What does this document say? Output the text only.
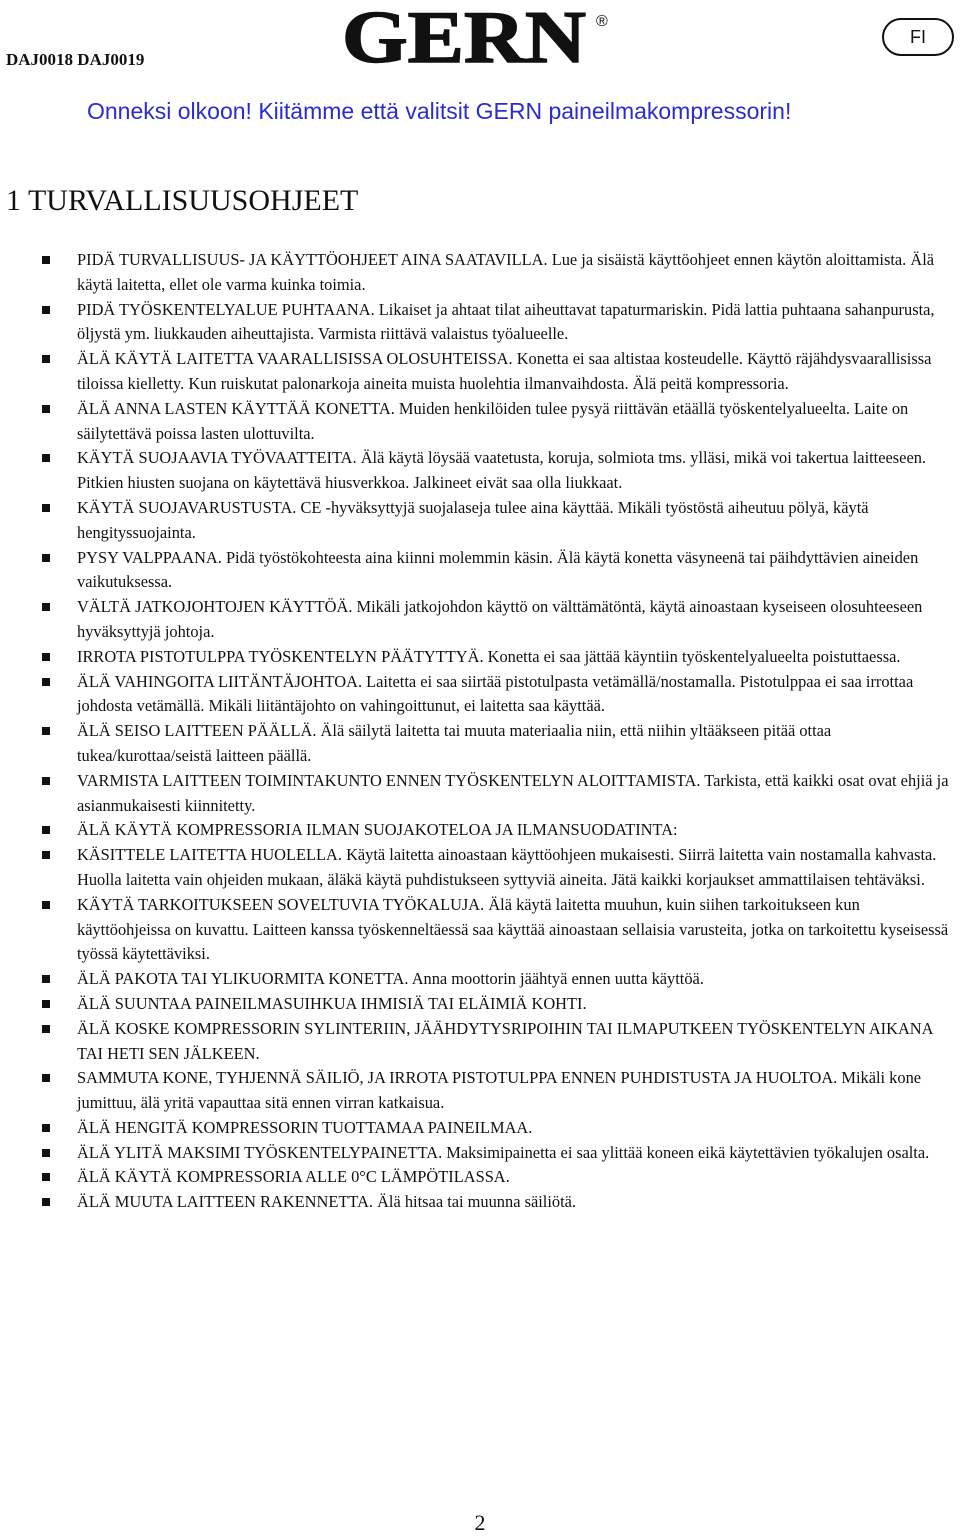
DAJ0018 DAJ0019	GERN ®
FI
Onneksi olkoon! Kiitämme että valitsit GERN paineilmakompressorin!
1 TURVALLISUUSOHJEET
PIDÄ TURVALLISUUS- JA KÄYTTÖOHJEET AINA SAATAVILLA. Lue ja sisäistä käyttöohjeet ennen käytön aloittamista. Älä käytä laitetta, ellet ole varma kuinka toimia.
PIDÄ TYÖSKENTELYALUE PUHTAANA. Likaiset ja ahtaat tilat aiheuttavat tapaturmariskin. Pidä lattia puhtaana sahanpurusta, öljystä ym. liukkauden aiheuttajista. Varmista riittävä valaistus työalueelle.
ÄLÄ KÄYTÄ LAITETTA VAARALLISISSA OLOSUHTEISSA. Konetta ei saa altistaa kosteudelle. Käyttö räjähdysvaarallisissa tiloissa kielletty. Kun ruiskutat palonarkoja aineita muista huolehtia ilmanvaihdosta. Älä peitä kompressoria.
ÄLÄ ANNA LASTEN KÄYTTÄÄ KONETTA. Muiden henkilöiden tulee pysyä riittävän etäällä työskentelyalueelta. Laite on säilytettävä poissa lasten ulottuvilta.
KÄYTÄ SUOJAAVIA TYÖVAATTEITA. Älä käytä löysää vaatetusta, koruja, solmiota tms. ylläsi, mikä voi takertua laitteeseen. Pitkien hiusten suojana on käytettävä hiusverkkoa. Jalkineet eivät saa olla liukkaat.
KÄYTÄ SUOJAVARUSTUSTA. CE -hyväksyttyjä suojalaseja tulee aina käyttää. Mikäli työstöstä aiheutuu pölyä, käytä hengityssuojainta.
PYSY VALPPAANA. Pidä työstökohteesta aina kiinni molemmin käsin. Älä käytä konetta väsyneenä tai päihdyttävien aineiden vaikutuksessa.
VÄLTÄ JATKOJOHTOJEN KÄYTTÖÄ. Mikäli jatkojohdon käyttö on välttämätöntä, käytä ainoastaan kyseiseen olosuhteeseen hyväksyttyjä johtoja.
IRROTA PISTOTULPPA TYÖSKENTELYN PÄÄTYTTYÄ. Konetta ei saa jättää käyntiin työskentelyalueelta poistuttaessa.
ÄLÄ VAHINGOITA LIITÄNTÄJOHTOA. Laitetta ei saa siirtää pistotulpasta vetämällä/nostamalla. Pistotulppaa ei saa irrottaa johdosta vetämällä. Mikäli liitäntäjohto on vahingoittunut, ei laitetta saa käyttää.
ÄLÄ SEISO LAITTEEN PÄÄLLÄ. Älä säilytä laitetta tai muuta materiaalia niin, että niihin yltääkseen pitää ottaa tukea/kurottaa/seistä laitteen päällä.
VARMISTA LAITTEEN TOIMINTAKUNTO ENNEN TYÖSKENTELYN ALOITTAMISTA. Tarkista, että kaikki osat ovat ehjiä ja asianmukaisesti kiinnitetty.
ÄLÄ KÄYTÄ KOMPRESSORIA ILMAN SUOJAKOTELOA JA ILMANSUODATINTA:
KÄSITTELE LAITETTA HUOLELLA. Käytä laitetta ainoastaan käyttöohjeen mukaisesti. Siirrä laitetta vain nostamalla kahvasta. Huolla laitetta vain ohjeiden mukaan, äläkä käytä puhdistukseen syttyviä aineita. Jätä kaikki korjaukset ammattilaisen tehtäväksi.
KÄYTÄ TARKOITUKSEEN SOVELTUVIA TYÖKALUJA. Älä käytä laitetta muuhun, kuin siihen tarkoitukseen kun käyttöohjeissa on kuvattu. Laitteen kanssa työskenneltäessä saa käyttää ainoastaan sellaisia varusteita, jotka on tarkoitettu kyseisessä työssä käytettäviksi.
ÄLÄ PAKOTA TAI YLIKUORMITA KONETTA. Anna moottorin jäähtyä ennen uutta käyttöä.
ÄLÄ SUUNTAA PAINEILMASUIHKUA IHMISIÄ TAI ELÄIMIÄ KOHTI.
ÄLÄ KOSKE KOMPRESSORIN SYLINTERIIN, JÄÄHDYTYSRIPOIHIN TAI ILMAPUTKEEN TYÖSKENTELYN AIKANA TAI HETI SEN JÄLKEEN.
SAMMUTA KONE, TYHJENNÄ SÄILIÖ, JA IRROTA PISTOTULPPA ENNEN PUHDISTUSTA JA HUOLTOA. Mikäli kone jumittuu, älä yritä vapauttaa sitä ennen virran katkaisua.
ÄLÄ HENGITÄ KOMPRESSORIN TUOTTAMAA PAINEILMAA.
ÄLÄ YLITÄ MAKSIMI TYÖSKENTELYPAINETTA. Maksimipainetta ei saa ylittää koneen eikä käytettävien työkalujen osalta.
ÄLÄ KÄYTÄ KOMPRESSORIA ALLE 0°C LÄMPÖTILASSA.
ÄLÄ MUUTA LAITTEEN RAKENNETTA. Älä hitsaa tai muunna säiliötä.
2
